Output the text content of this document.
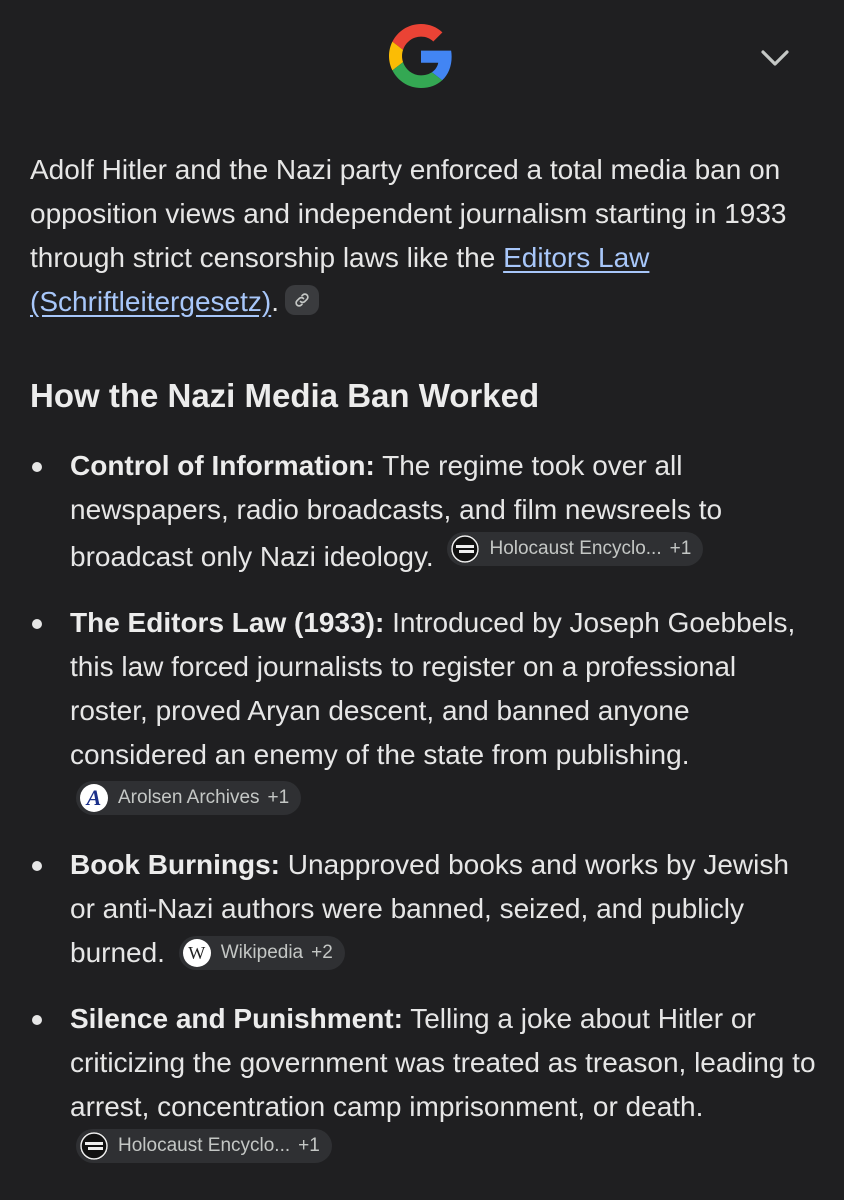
Adolf Hitler and the Nazi party enforced a total media ban on opposition views and independent journalism starting in 1933 through strict censorship laws like the Editors Law (Schriftleitergesetz).

How the Nazi Media Ban Worked
Control of Information: The regime took over all newspapers, radio broadcasts, and film newsreels to broadcast only Nazi ideology.	Holocaust Encyclo... +1
The Editors Law (1933): Introduced by Joseph Goebbels, this law forced journalists to register on a professional roster, proved Aryan descent, and banned anyone considered an enemy of the state from publishing.
A Arolsen Archives +1
Book Burnings: Unapproved books and works by Jewish or anti-Nazi authors were banned, seized, and publicly burned. W Wikipedia +2
Silence and Punishment: Telling a joke about Hitler or criticizing the government was treated as treason, leading to arrest, concentration camp imprisonment, or death.
Holocaust Encyclo... +1
